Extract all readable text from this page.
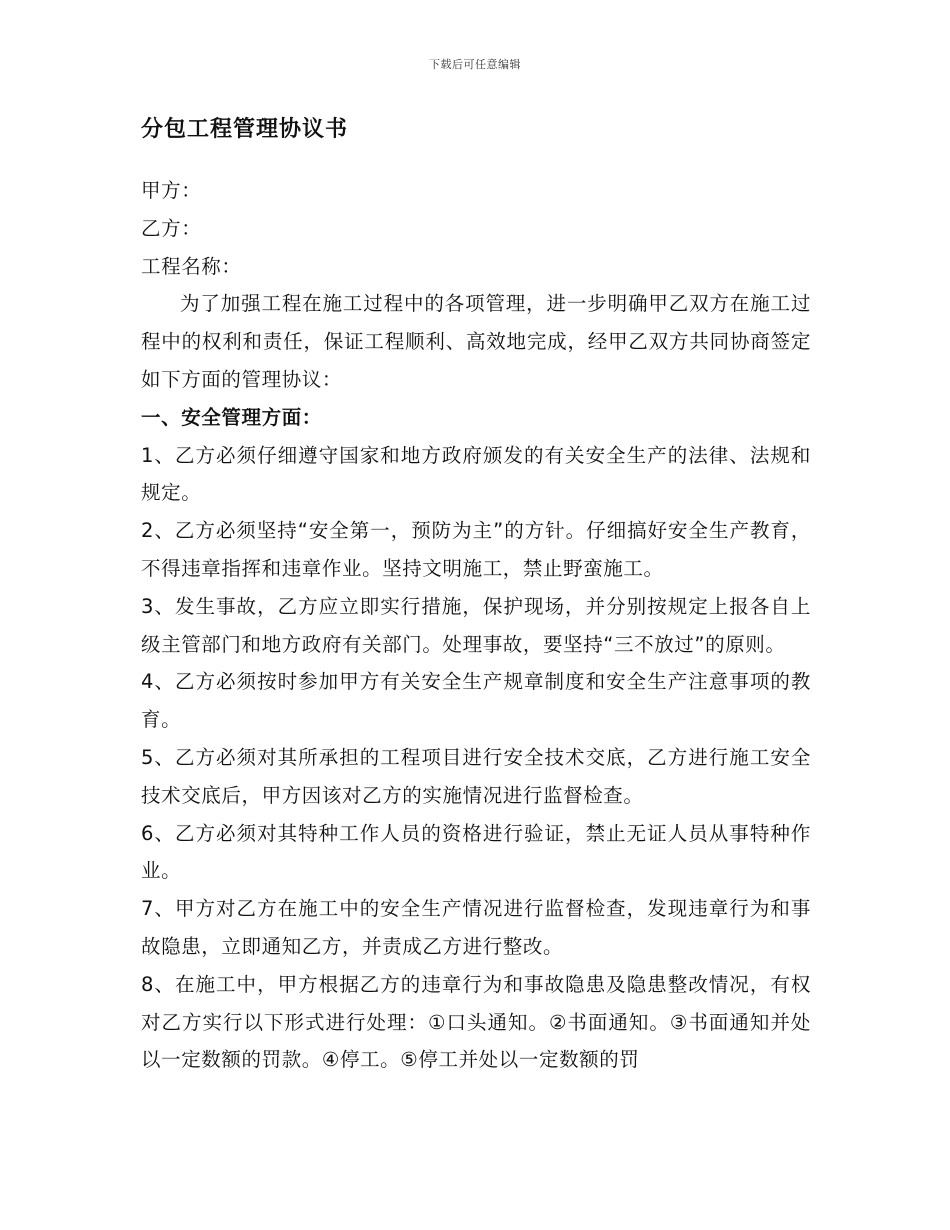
下载后可任意编辑
分包工程管理协议书

甲方：

乙方：

工程名称：

为了加强工程在施工过程中的各项管理，进一步明确甲乙双方在施工过程中的权利和责任，保证工程顺利、高效地完成，经甲乙双方共同协商签定如下方面的管理协议：

一、安全管理方面：

1、乙方必须仔细遵守国家和地方政府颁发的有关安全生产的法律、法规和规定。

2、乙方必须坚持“安全第一，预防为主”的方针。仔细搞好安全生产教育，不得违章指挥和违章作业。坚持文明施工，禁止野蛮施工。

3、发生事故，乙方应立即实行措施，保护现场，并分别按规定上报各自上级主管部门和地方政府有关部门。处理事故，要坚持“三不放过”的原则。

4、乙方必须按时参加甲方有关安全生产规章制度和安全生产注意事项的教育。

5、乙方必须对其所承担的工程项目进行安全技术交底，乙方进行施工安全技术交底后，甲方因该对乙方的实施情况进行监督检查。

6、乙方必须对其特种工作人员的资格进行验证，禁止无证人员从事特种作业。

7、甲方对乙方在施工中的安全生产情况进行监督检查，发现违章行为和事故隐患，立即通知乙方，并责成乙方进行整改。

8、在施工中，甲方根据乙方的违章行为和事故隐患及隐患整改情况，有权对乙方实行以下形式进行处理：①口头通知。②书面通知。③书面通知并处以一定数额的罚款。④停工。⑤停工并处以一定数额的罚
